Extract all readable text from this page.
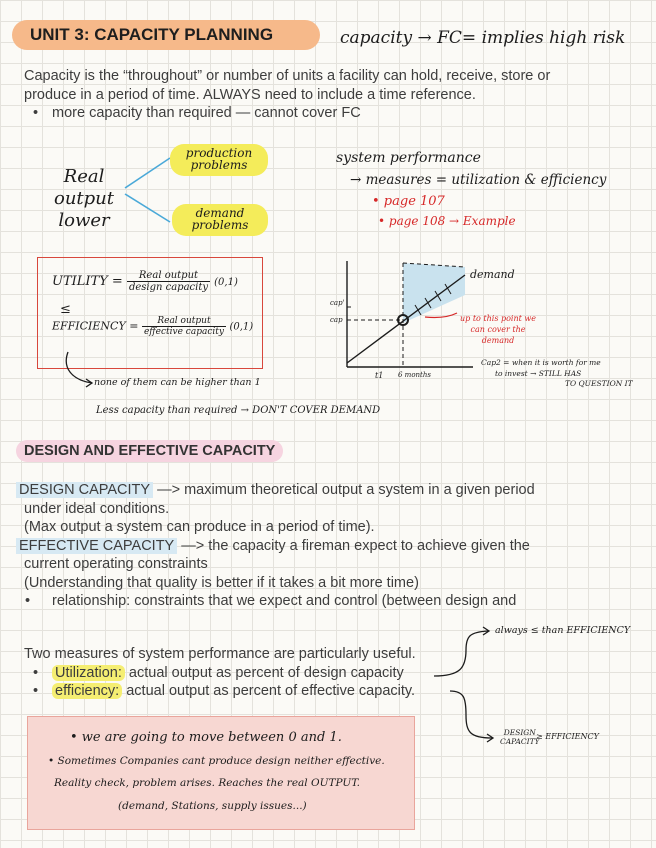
UNIT 3: CAPACITY PLANNING	capacity → FC= implies high risk
Capacity is the “throughout” or number of units a facility can hold, receive, store or
produce in a period of time. ALWAYS need to include a time reference.
• more capacity than required — cannot cover FC
Real output lower
production problems
demand problems
system performance
→ measures = utilization & efficiency
• page 107
• page 108 → Example
UTILITY = $\frac{\text{Real output}}{\text{design capacity}} (0,1)$
≤
EFFICIENCY = $\frac{\text{Real output}}{\text{effective capacity}} (0,1)$
none of them can be higher than 1
Less capacity than required → DON'T COVER DEMAND
demand
cap'
cap
t1 6 months
up to this point we can cover the demand
Cap2 = when it is worth for me
to invest → STILL HAS
TO QUESTION IT
DESIGN AND EFFECTIVE CAPACITY
DESIGN CAPACITY —> maximum theoretical output a system in a given period
under ideal conditions.
(Max output a system can produce in a period of time).
EFFECTIVE CAPACITY —> the capacity a fireman expect to achieve given the
current operating constraints
(Understanding that quality is better if it takes a bit more time)
• relationship: constraints that we expect and control (between design and
Two measures of system performance are particularly useful.
• Utilization: actual output as percent of design capacity
• efficiency: actual output as percent of effective capacity.
always ≤ than EFFICIENCY
DESIGN
CAPACITY
≥ EFFICIENCY
• we are going to move between 0 and 1.
• Sometimes Companies cant produce design neither effective.
Reality check, problem arises. Reaches the real OUTPUT.
(demand, Stations, supply issues...)
